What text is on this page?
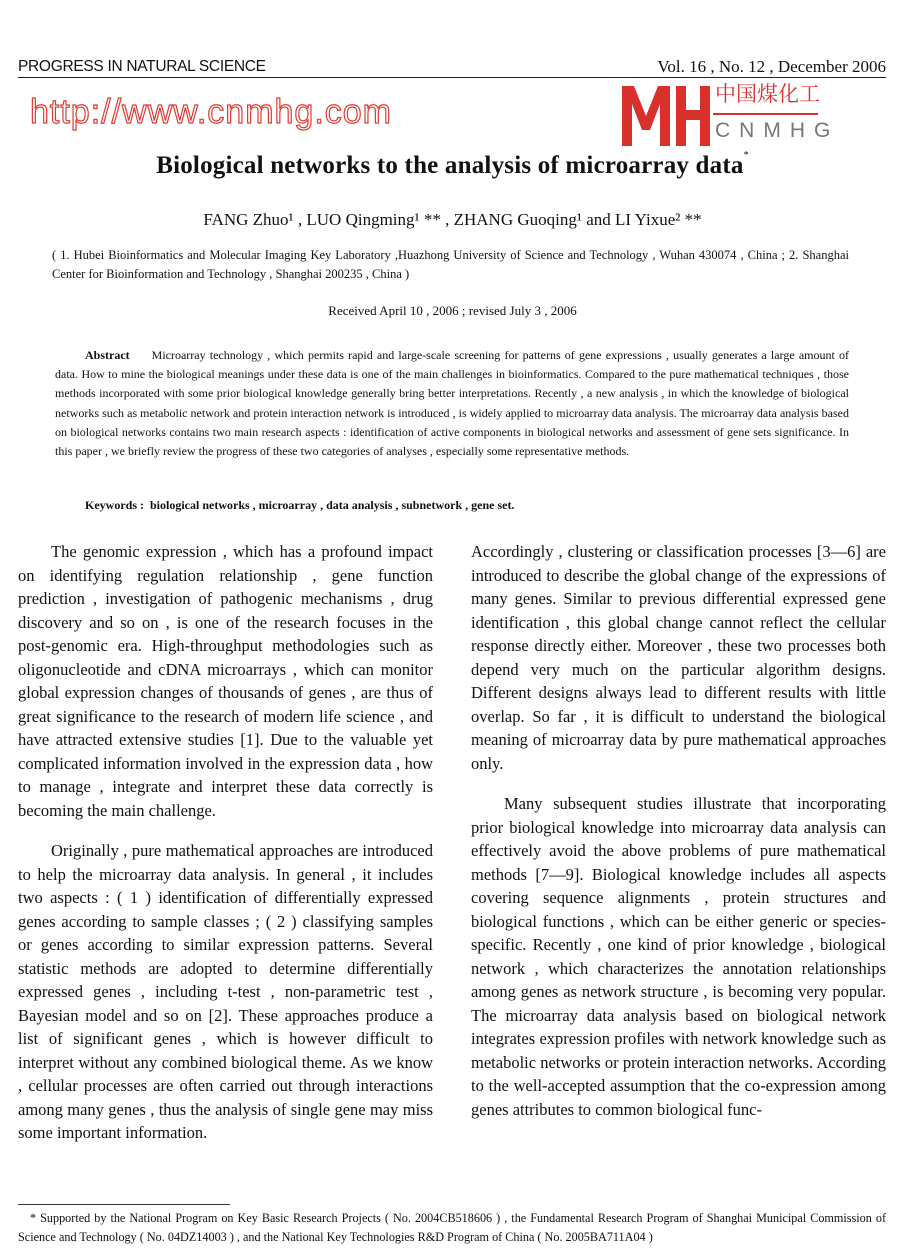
PROGRESS IN NATURAL SCIENCE	Vol. 16 , No. 12 , December 2006
http://www.cnmhg.com	中国煤化工
CNMHG
Biological networks to the analysis of microarray data*
FANG Zhuo¹ , LUO Qingming¹ ** , ZHANG Guoqing¹ and LI Yixue² **
( 1. Hubei Bioinformatics and Molecular Imaging Key Laboratory ,Huazhong University of Science and Technology , Wuhan 430074 , China ; 2. Shanghai Center for Bioinformation and Technology , Shanghai 200235 , China )
Received April 10 , 2006 ; revised July 3 , 2006
Abstract Microarray technology , which permits rapid and large-scale screening for patterns of gene expressions , usually generates a large amount of data. How to mine the biological meanings under these data is one of the main challenges in bioinformatics. Compared to the pure mathematical techniques , those methods incorporated with some prior biological knowledge generally bring better interpretations. Recently , a new analysis , in which the knowledge of biological networks such as metabolic network and protein interaction network is introduced , is widely applied to microarray data analysis. The microarray data analysis based on biological networks contains two main research aspects : identification of active components in biological networks and assessment of gene sets significance. In this paper , we briefly review the progress of these two categories of analyses , especially some representative methods.
Keywords : biological networks , microarray , data analysis , subnetwork , gene set.

The genomic expression , which has a profound impact on identifying regulation relationship , gene function prediction , investigation of pathogenic mechanisms , drug discovery and so on , is one of the research focuses in the post-genomic era. High-throughput methodologies such as oligonucleotide and cDNA microarrays , which can monitor global expression changes of thousands of genes , are thus of great significance to the research of modern life science , and have attracted extensive studies [1]. Due to the valuable yet complicated information involved in the expression data , how to manage , integrate and interpret these data correctly is becoming the main challenge.

Originally , pure mathematical approaches are introduced to help the microarray data analysis. In general , it includes two aspects : ( 1 ) identification of differentially expressed genes according to sample classes ; ( 2 ) classifying samples or genes according to similar expression patterns. Several statistic methods are adopted to determine differentially expressed genes , including t-test , non-parametric test , Bayesian model and so on [2]. These approaches produce a list of significant genes , which is however difficult to interpret without any combined biological theme. As we know , cellular processes are often carried out through interactions among many genes , thus the analysis of single gene may miss some important information.

Accordingly , clustering or classification processes [3—6] are introduced to describe the global change of the expressions of many genes. Similar to previous differential expressed gene identification , this global change cannot reflect the cellular response directly either. Moreover , these two processes both depend very much on the particular algorithm designs. Different designs always lead to different results with little overlap. So far , it is difficult to understand the biological meaning of microarray data by pure mathematical approaches only.

Many subsequent studies illustrate that incorporating prior biological knowledge into microarray data analysis can effectively avoid the above problems of pure mathematical methods [7—9]. Biological knowledge includes all aspects covering sequence alignments , protein structures and biological functions , which can be either generic or species-specific. Recently , one kind of prior knowledge , biological network , which characterizes the annotation relationships among genes as network structure , is becoming very popular. The microarray data analysis based on biological network integrates expression profiles with network knowledge such as metabolic networks or protein interaction networks. According to the well-accepted assumption that the co-expression among genes attributes to common biological func-

* Supported by the National Program on Key Basic Research Projects ( No. 2004CB518606 ) , the Fundamental Research Program of Shanghai Municipal Commission of Science and Technology ( No. 04DZ14003 ) , and the National Key Technologies R&D Program of China ( No. 2005BA711A04 )
